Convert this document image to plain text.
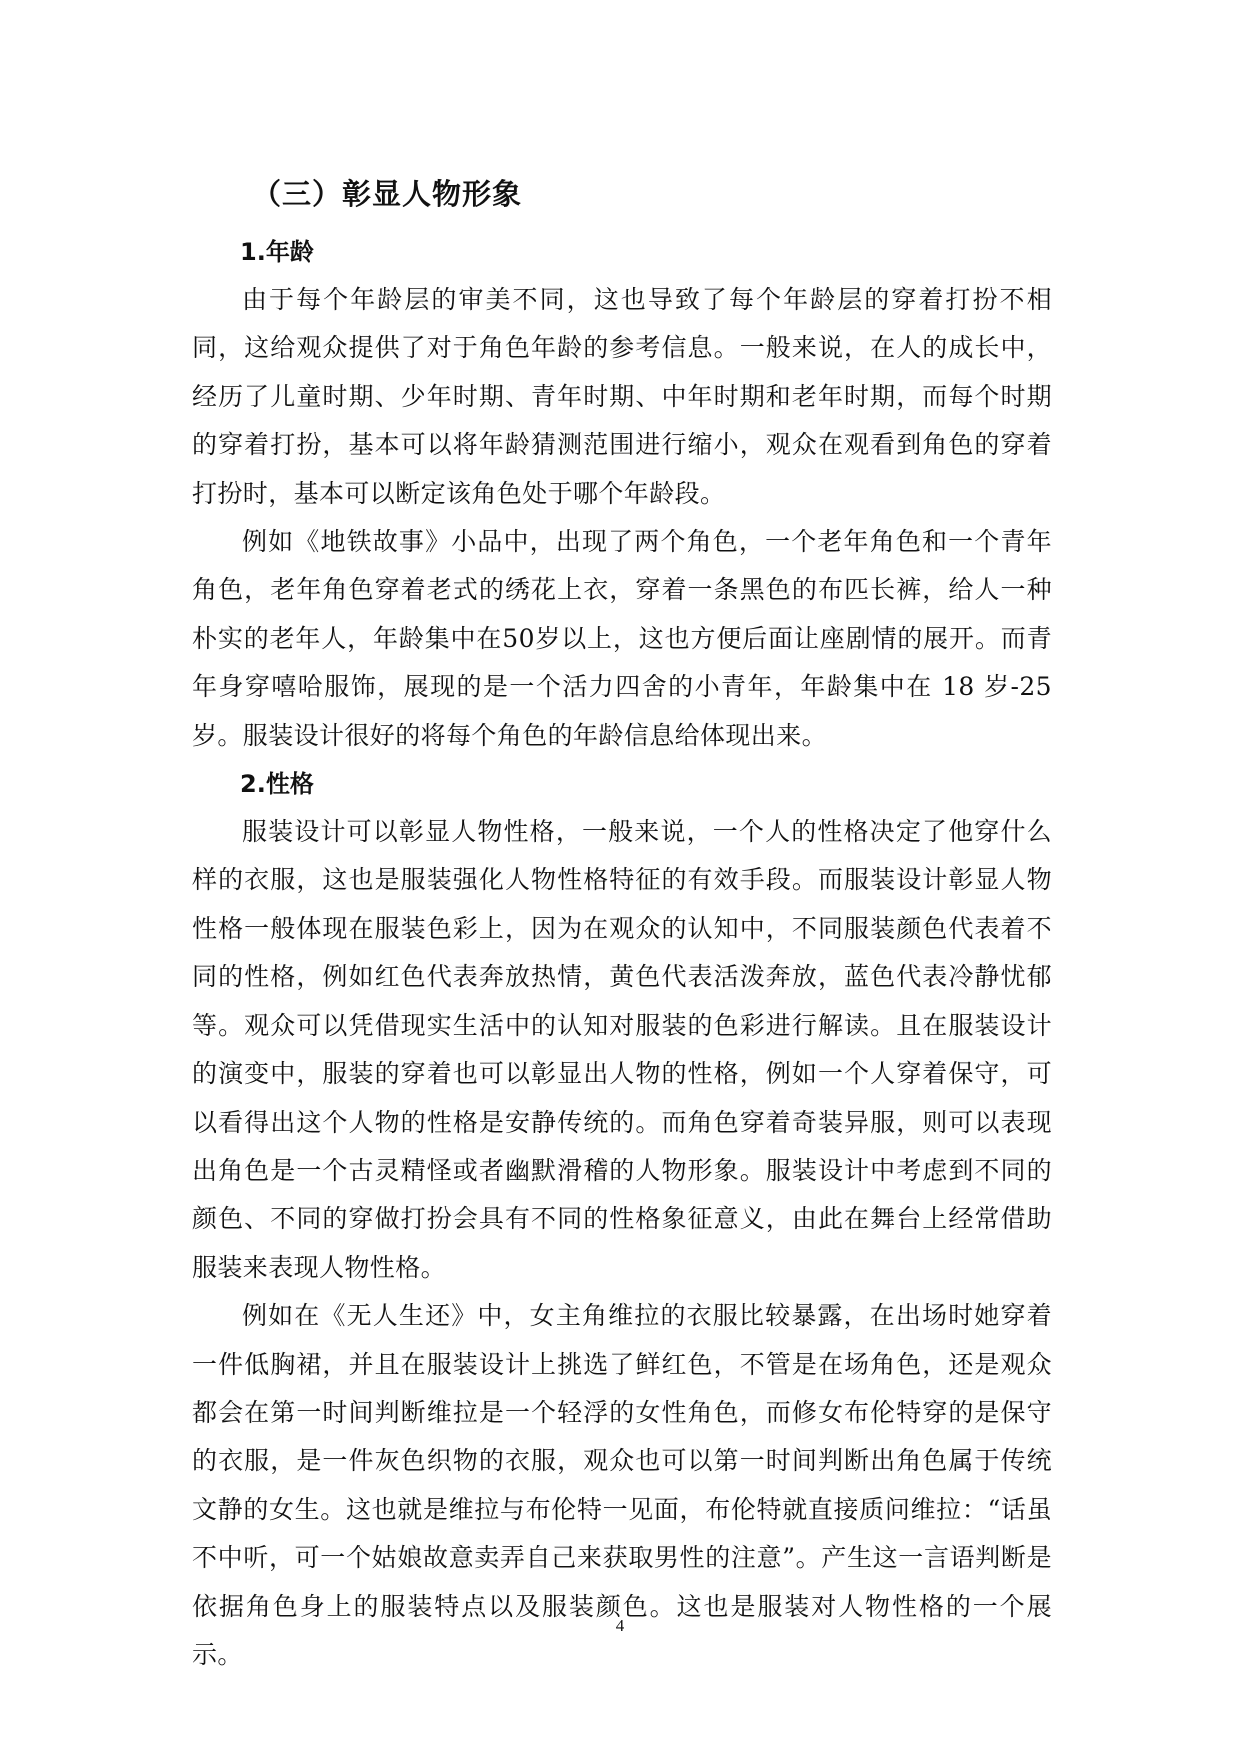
（三）彰显人物形象
1.年龄

由于每个年龄层的审美不同，这也导致了每个年龄层的穿着打扮不相同，这给观众提供了对于角色年龄的参考信息。一般来说，在人的成长中，经历了儿童时期、少年时期、青年时期、中年时期和老年时期，而每个时期的穿着打扮，基本可以将年龄猜测范围进行缩小，观众在观看到角色的穿着打扮时，基本可以断定该角色处于哪个年龄段。

例如《地铁故事》小品中，出现了两个角色，一个老年角色和一个青年角色，老年角色穿着老式的绣花上衣，穿着一条黑色的布匹长裤，给人一种朴实的老年人，年龄集中在50岁以上，这也方便后面让座剧情的展开。而青年身穿嘻哈服饰，展现的是一个活力四舍的小青年，年龄集中在 18 岁-25 岁。服装设计很好的将每个角色的年龄信息给体现出来。

2.性格

服装设计可以彰显人物性格，一般来说，一个人的性格决定了他穿什么样的衣服，这也是服装强化人物性格特征的有效手段。而服装设计彰显人物性格一般体现在服装色彩上，因为在观众的认知中，不同服装颜色代表着不同的性格，例如红色代表奔放热情，黄色代表活泼奔放，蓝色代表冷静忧郁等。观众可以凭借现实生活中的认知对服装的色彩进行解读。且在服装设计的演变中，服装的穿着也可以彰显出人物的性格，例如一个人穿着保守，可以看得出这个人物的性格是安静传统的。而角色穿着奇装异服，则可以表现出角色是一个古灵精怪或者幽默滑稽的人物形象。服装设计中考虑到不同的颜色、不同的穿做打扮会具有不同的性格象征意义，由此在舞台上经常借助服装来表现人物性格。

例如在《无人生还》中，女主角维拉的衣服比较暴露，在出场时她穿着一件低胸裙，并且在服装设计上挑选了鲜红色，不管是在场角色，还是观众都会在第一时间判断维拉是一个轻浮的女性角色，而修女布伦特穿的是保守的衣服，是一件灰色织物的衣服，观众也可以第一时间判断出角色属于传统文静的女生。这也就是维拉与布伦特一见面，布伦特就直接质问维拉：“话虽不中听，可一个姑娘故意卖弄自己来获取男性的注意”。产生这一言语判断是依据角色身上的服装特点以及服装颜色。这也是服装对人物性格的一个展示。

4
